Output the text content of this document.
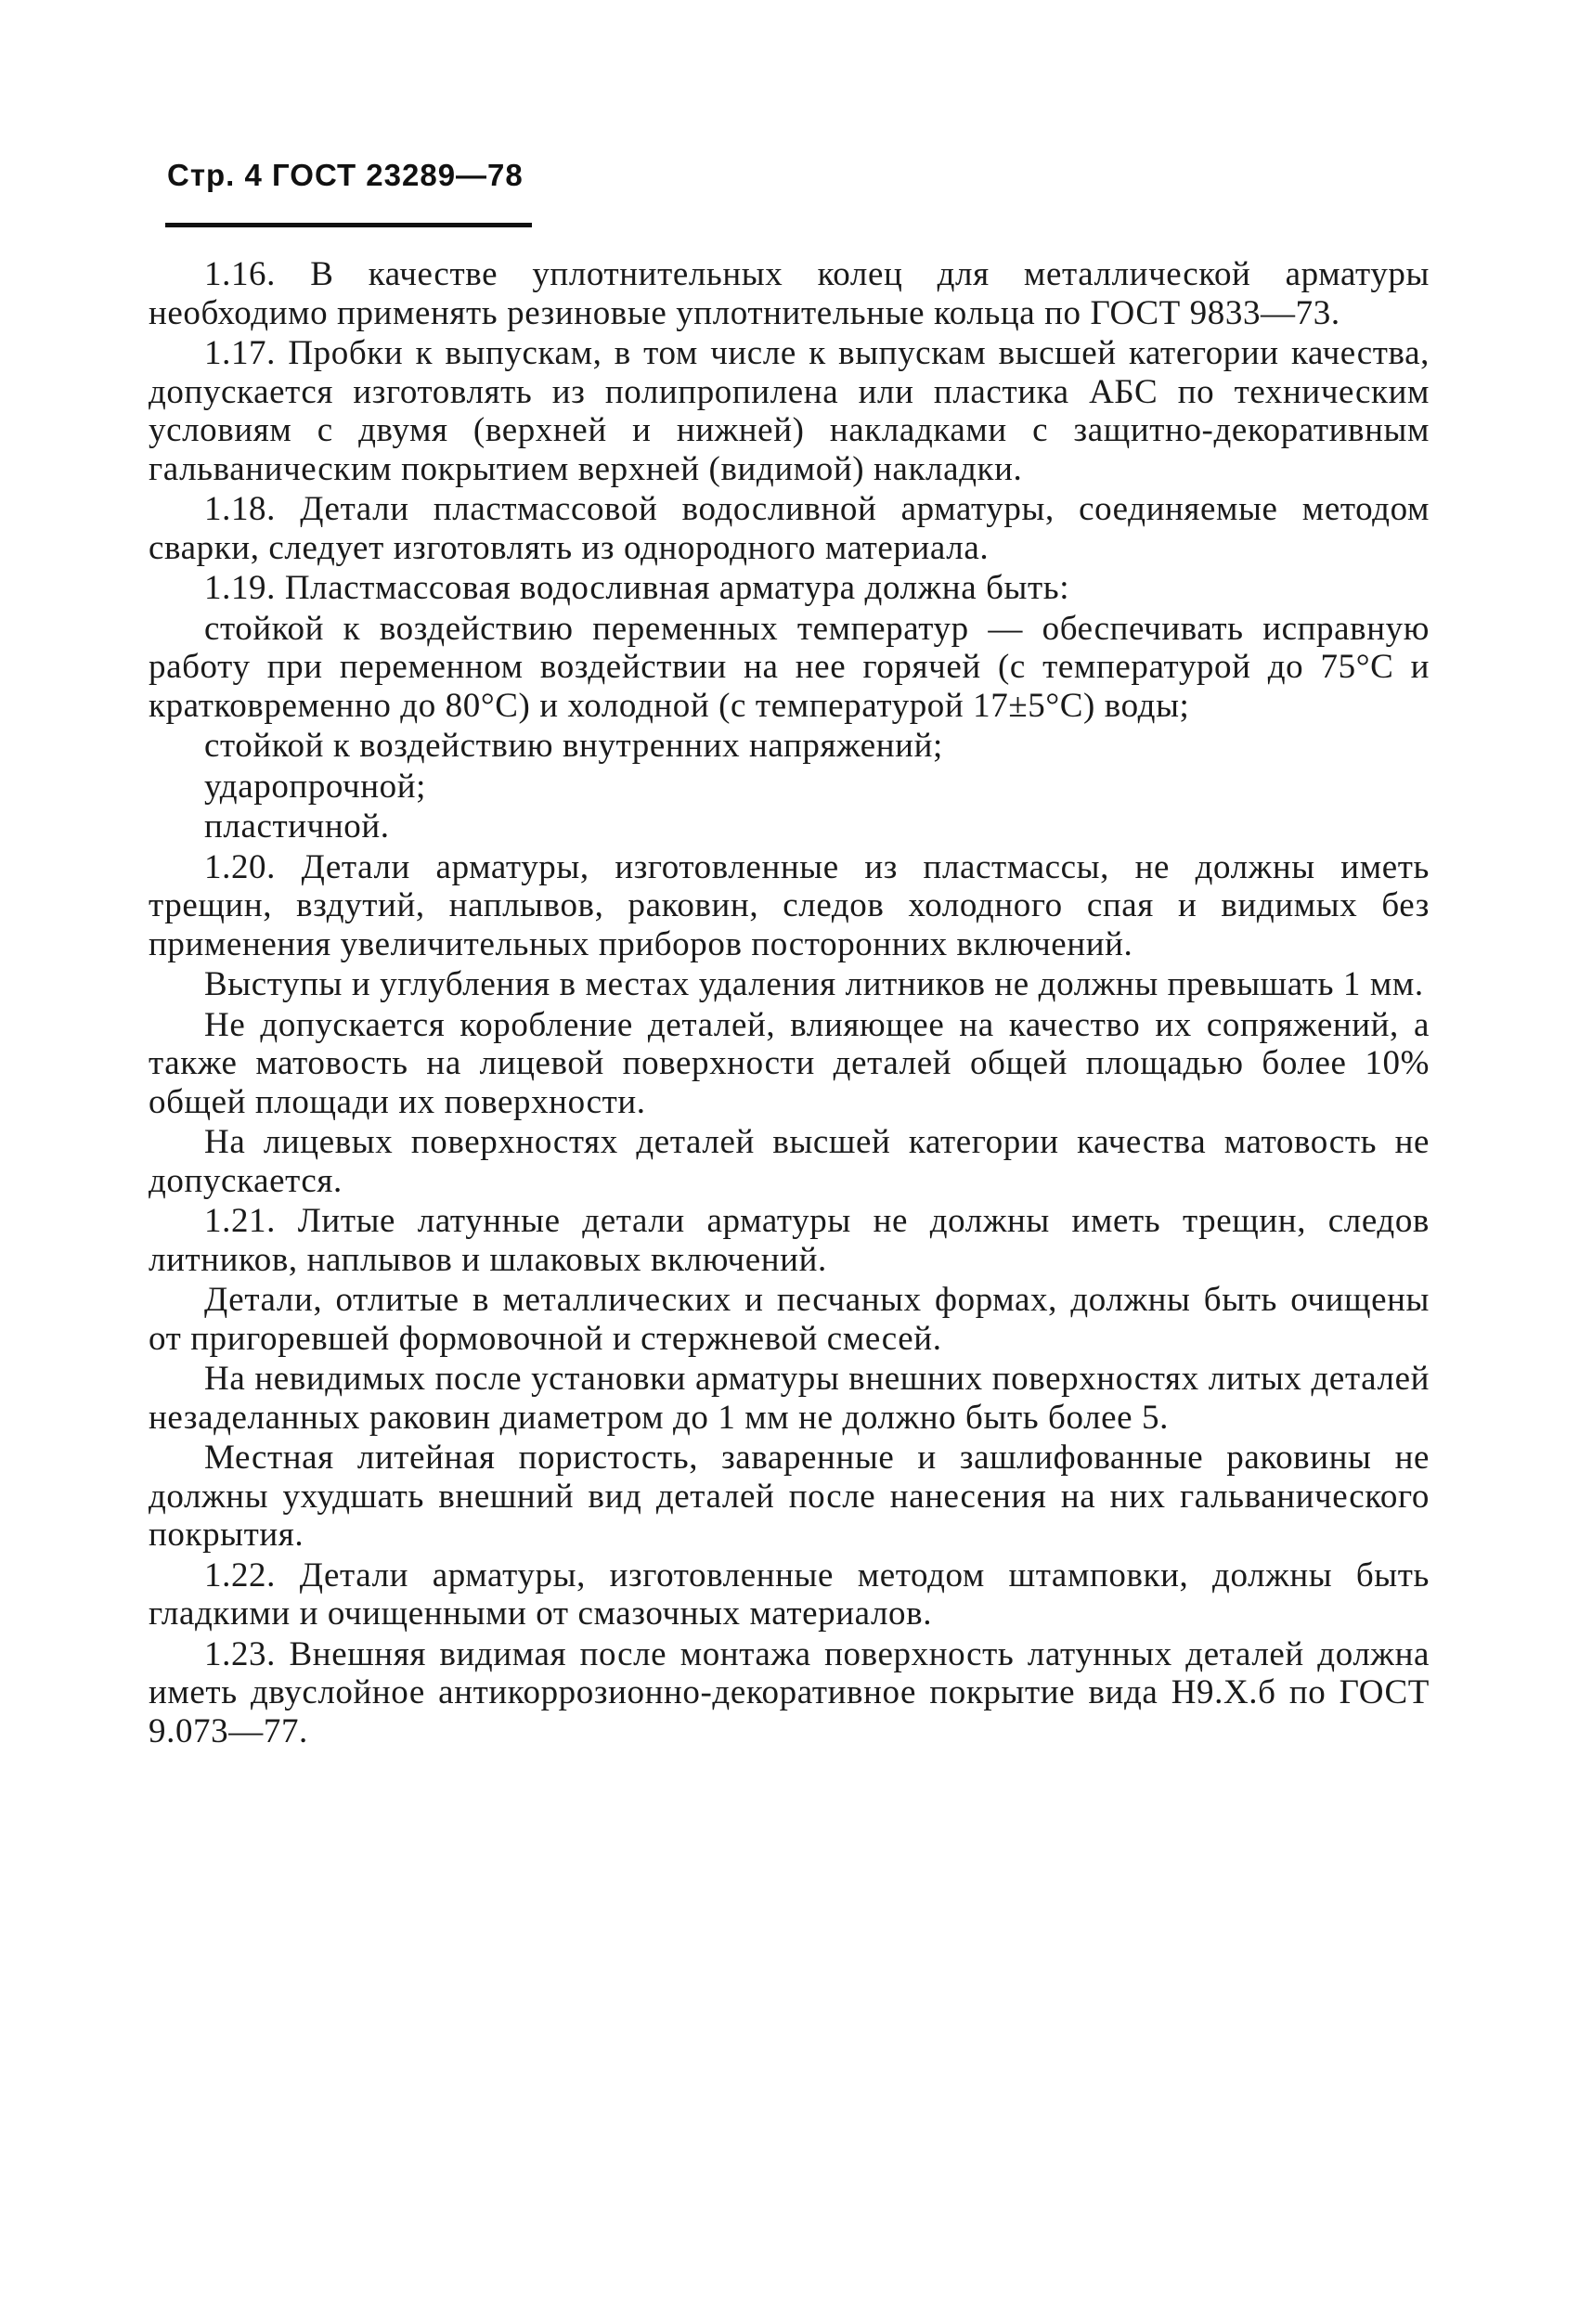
Стр. 4 ГОСТ 23289—78

1.16. В качестве уплотнительных колец для металлической арматуры необходимо применять резиновые уплотнительные кольца по ГОСТ 9833—73.

1.17. Пробки к выпускам, в том числе к выпускам высшей категории качества, допускается изготовлять из полипропилена или пластика АБС по техническим условиям с двумя (верхней и нижней) накладками с защитно-декоративным гальваническим покрытием верхней (видимой) накладки.

1.18. Детали пластмассовой водосливной арматуры, соединяемые методом сварки, следует изготовлять из однородного материала.

1.19. Пластмассовая водосливная арматура должна быть:

стойкой к воздействию переменных температур — обеспечивать исправную работу при переменном воздействии на нее горячей (с температурой до 75°С и кратковременно до 80°С) и холодной (с температурой 17±5°С) воды;

стойкой к воздействию внутренних напряжений;

ударопрочной;

пластичной.

1.20. Детали арматуры, изготовленные из пластмассы, не должны иметь трещин, вздутий, наплывов, раковин, следов холодного спая и видимых без применения увеличительных приборов посторонних включений.

Выступы и углубления в местах удаления литников не должны превышать 1 мм.

Не допускается коробление деталей, влияющее на качество их сопряжений, а также матовость на лицевой поверхности деталей общей площадью более 10% общей площади их поверхности.

На лицевых поверхностях деталей высшей категории качества матовость не допускается.

1.21. Литые латунные детали арматуры не должны иметь трещин, следов литников, наплывов и шлаковых включений.

Детали, отлитые в металлических и песчаных формах, должны быть очищены от пригоревшей формовочной и стержневой смесей.

На невидимых после установки арматуры внешних поверхностях литых деталей незаделанных раковин диаметром до 1 мм не должно быть более 5.

Местная литейная пористость, заваренные и зашлифованные раковины не должны ухудшать внешний вид деталей после нанесения на них гальванического покрытия.

1.22. Детали арматуры, изготовленные методом штамповки, должны быть гладкими и очищенными от смазочных материалов.

1.23. Внешняя видимая после монтажа поверхность латунных деталей должна иметь двуслойное антикоррозионно-декоративное покрытие вида Н9.Х.б по ГОСТ 9.073—77.
